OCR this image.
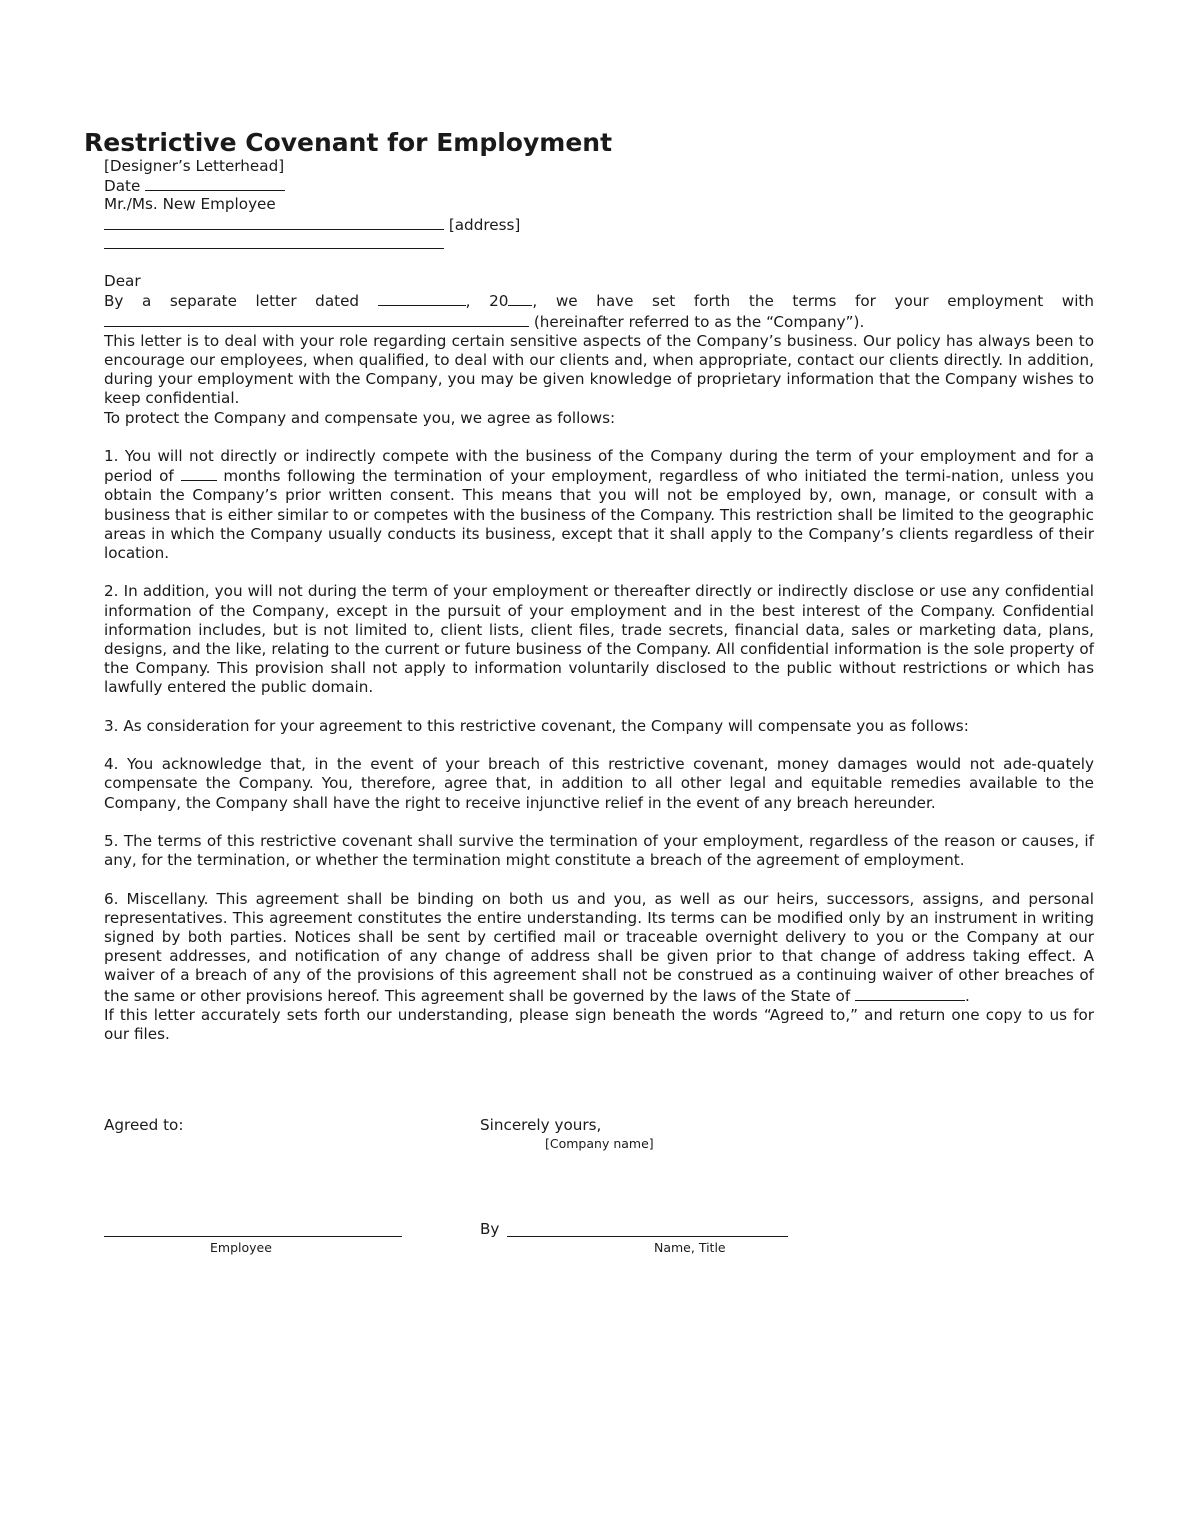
Restrictive Covenant for Employment
[Designer’s Letterhead]
Date
Mr./Ms. New Employee
[address]
Dear
By a separate letter dated	, 20 , we have set forth the terms for your employment with  (hereinafter referred to as the “Company”).
This letter is to deal with your role regarding certain sensitive aspects of the Company’s business. Our policy has always been to encourage our employees, when qualified, to deal with our clients and, when appropriate, contact our clients directly. In addition, during your employment with the Company, you may be given knowledge of proprietary information that the Company wishes to keep confidential.
To protect the Company and compensate you, we agree as follows:
1. You will not directly or indirectly compete with the business of the Company during the term of your employment and for a period of	months following the termination of your employment, regardless of who initiated the termi-nation, unless you obtain the Company’s prior written consent. This means that you will not be employed by, own, manage, or consult with a business that is either similar to or competes with the business of the Company. This restriction shall be limited to the geographic areas in which the Company usually conducts its business, except that it shall apply to the Company’s clients regardless of their location.
2. In addition, you will not during the term of your employment or thereafter directly or indirectly disclose or use any confidential information of the Company, except in the pursuit of your employment and in the best interest of the Company. Confidential information includes, but is not limited to, client lists, client files, trade secrets, financial data, sales or marketing data, plans, designs, and the like, relating to the current or future business of the Company. All confidential information is the sole property of the Company. This provision shall not apply to information voluntarily disclosed to the public without restrictions or which has lawfully entered the public domain.
3. As consideration for your agreement to this restrictive covenant, the Company will compensate you as follows:
4. You acknowledge that, in the event of your breach of this restrictive covenant, money damages would not ade-quately compensate the Company. You, therefore, agree that, in addition to all other legal and equitable remedies available to the Company, the Company shall have the right to receive injunctive relief in the event of any breach hereunder.
5. The terms of this restrictive covenant shall survive the termination of your employment, regardless of the reason or causes, if any, for the termination, or whether the termination might constitute a breach of the agreement of employment.
6. Miscellany. This agreement shall be binding on both us and you, as well as our heirs, successors, assigns, and personal representatives. This agreement constitutes the entire understanding. Its terms can be modified only by an instrument in writing signed by both parties. Notices shall be sent by certified mail or traceable overnight delivery to you or the Company at our present addresses, and notification of any change of address shall be given prior to that change of address taking effect. A waiver of a breach of any of the provisions of this agreement shall not be construed as a continuing waiver of other breaches of the same or other provisions hereof. This agreement shall be governed by the laws of the State of	.
If this letter accurately sets forth our understanding, please sign beneath the words “Agreed to,” and return one copy to us for our files.
Agreed to:	Sincerely yours,
[Company name]
By
Employee	Name, Title
